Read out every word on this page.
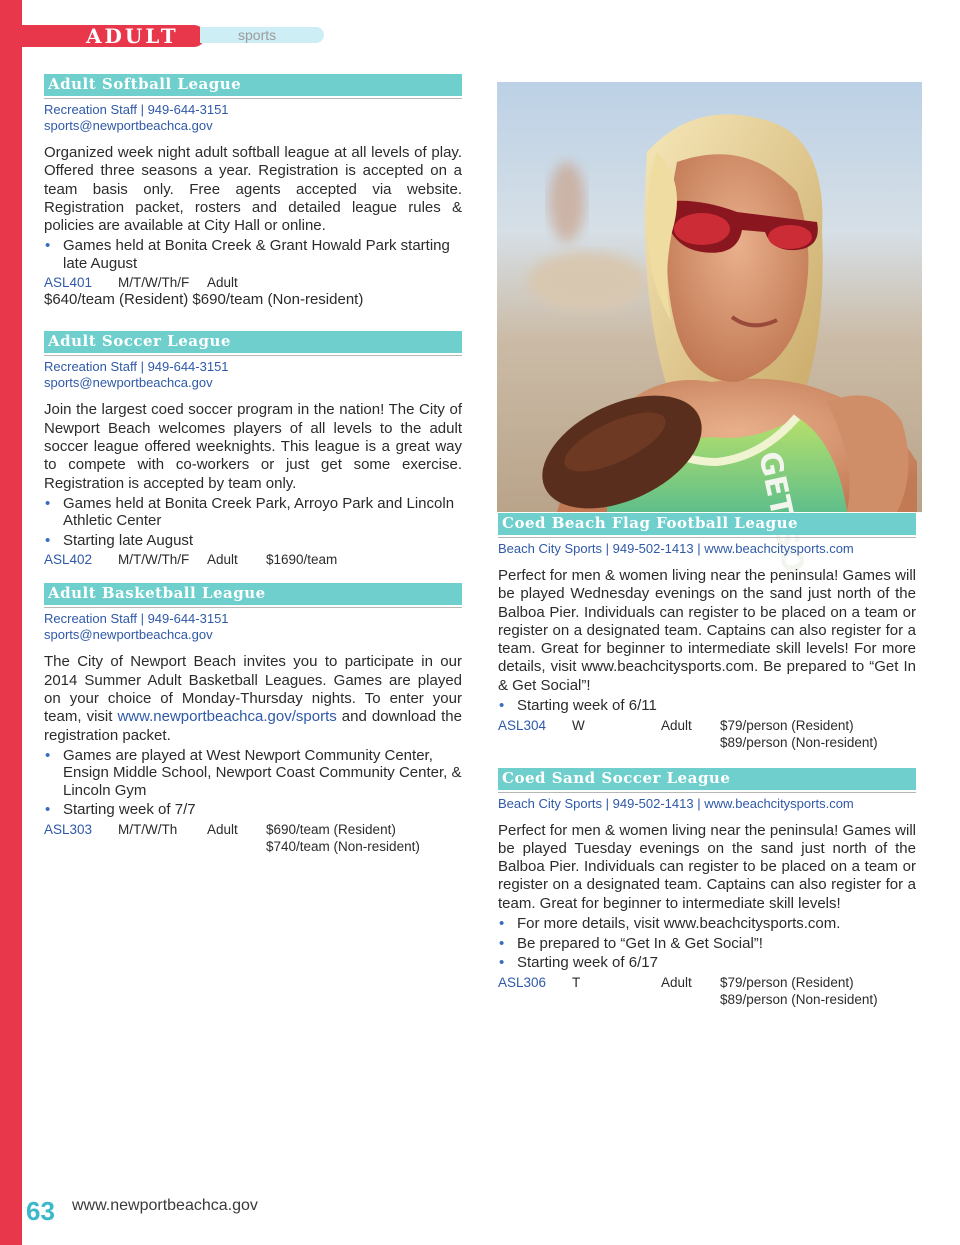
ADULT	sports
Adult Softball League
Recreation Staff | 949-644-3151
sports@newportbeachca.gov
Organized week night adult softball league at all levels of play. Offered three seasons a year. Registration is accepted on a team basis only. Free agents accepted via website. Registration packet, rosters and detailed league rules & policies are available at City Hall or online.
• Games held at Bonita Creek & Grant Howald Park starting late August
ASL401	M/T/W/Th/F	Adult
$640/team (Resident) $690/team (Non-resident)
Adult Soccer League
Recreation Staff | 949-644-3151
sports@newportbeachca.gov
Join the largest coed soccer program in the nation! The City of Newport Beach welcomes players of all levels to the adult soccer league offered weeknights. This league is a great way to compete with co-workers or just get some exercise. Registration is accepted by team only.
• Games held at Bonita Creek Park, Arroyo Park and Lincoln Athletic Center
• Starting late August
ASL402	M/T/W/Th/F	Adult	$1690/team
Adult Basketball League
Recreation Staff | 949-644-3151
sports@newportbeachca.gov
The City of Newport Beach invites you to participate in our 2014 Summer Adult Basketball Leagues. Games are played on your choice of Monday-Thursday nights. To enter your team, visit www.newportbeachca.gov/sports and download the registration packet.
• Games are played at West Newport Community Center, Ensign Middle School, Newport Coast Community Center, & Lincoln Gym
• Starting week of 7/7
ASL303	M/T/W/Th	Adult	$690/team (Resident)
$740/team (Non-resident)
Coed Beach Flag Football League
Beach City Sports | 949-502-1413 | www.beachcitysports.com
Perfect for men & women living near the peninsula! Games will be played Wednesday evenings on the sand just north of the Balboa Pier. Individuals can register to be placed on a team or register on a designated team. Captains can also register for a team. Great for beginner to intermediate skill levels! For more details, visit www.beachcitysports.com. Be prepared to “Get In & Get Social”!
• Starting week of 6/11
ASL304	W	Adult	$79/person (Resident)
$89/person (Non-resident)
Coed Sand Soccer League
Beach City Sports | 949-502-1413 | www.beachcitysports.com
Perfect for men & women living near the peninsula! Games will be played Tuesday evenings on the sand just north of the Balboa Pier. Individuals can register to be placed on a team or register on a designated team. Captains can also register for a team. Great for beginner to intermediate skill levels!
• For more details, visit www.beachcitysports.com.
• Be prepared to “Get In & Get Social”!
• Starting week of 6/17
ASL306	T	Adult	$79/person (Resident)
$89/person (Non-resident)
63 www.newportbeachca.gov
